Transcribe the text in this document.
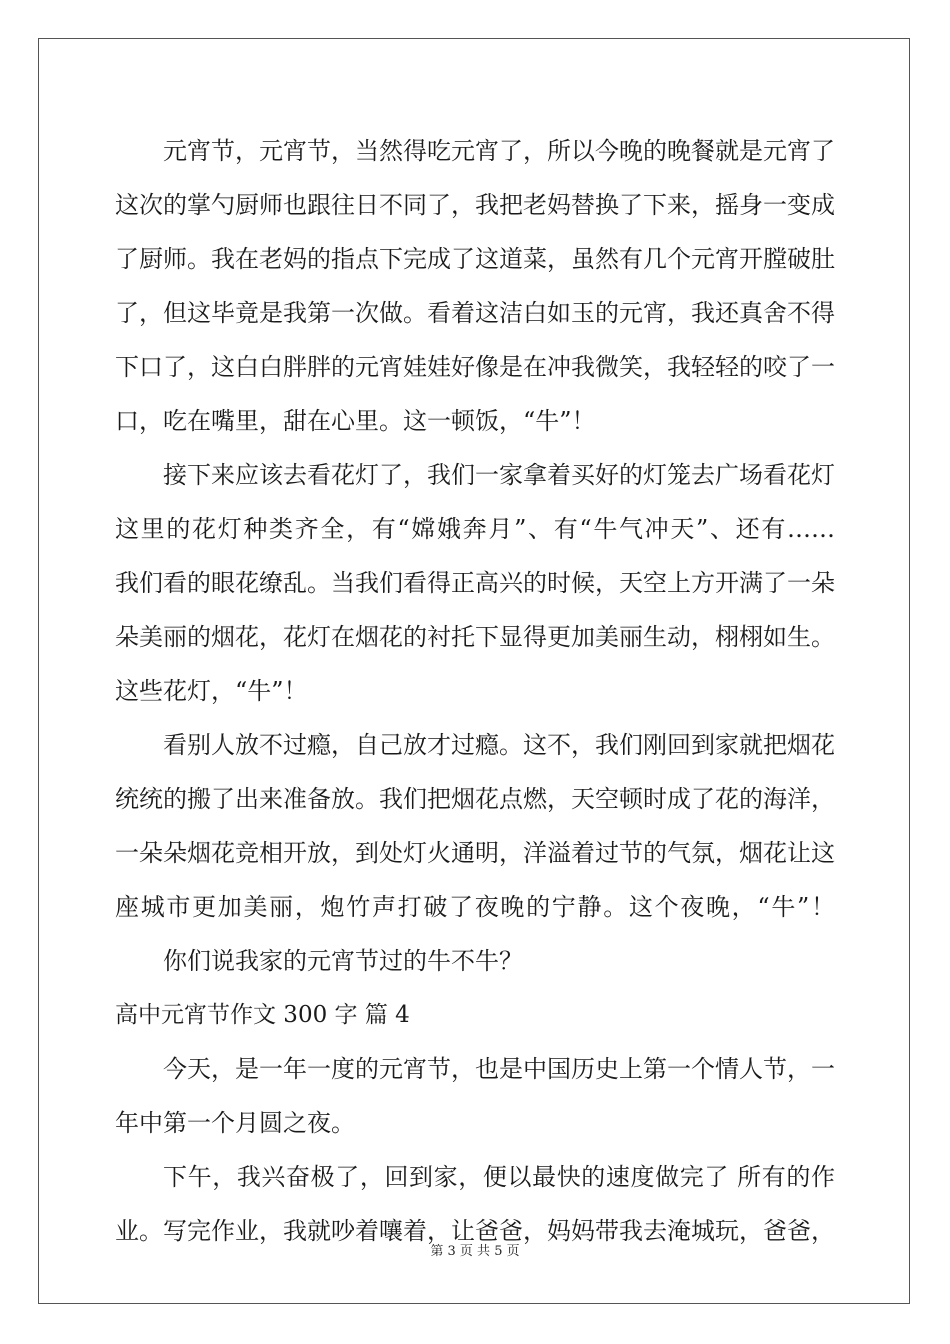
元宵节，元宵节，当然得吃元宵了，所以今晚的晚餐就是元宵了
这次的掌勺厨师也跟往日不同了，我把老妈替换了下来，摇身一变成
了厨师。我在老妈的指点下完成了这道菜，虽然有几个元宵开膛破肚
了，但这毕竟是我第一次做。看着这洁白如玉的元宵，我还真舍不得
下口了，这白白胖胖的元宵娃娃好像是在冲我微笑，我轻轻的咬了一
口，吃在嘴里，甜在心里。这一顿饭，“牛”！
接下来应该去看花灯了，我们一家拿着买好的灯笼去广场看花灯
这里的花灯种类齐全，有“嫦娥奔月”、有“牛气冲天”、还有……
我们看的眼花缭乱。当我们看得正高兴的时候，天空上方开满了一朵
朵美丽的烟花，花灯在烟花的衬托下显得更加美丽生动，栩栩如生。
这些花灯，“牛”！
看别人放不过瘾，自己放才过瘾。这不，我们刚回到家就把烟花
统统的搬了出来准备放。我们把烟花点燃，天空顿时成了花的海洋，
一朵朵烟花竞相开放，到处灯火通明，洋溢着过节的气氛，烟花让这
座城市更加美丽，炮竹声打破了夜晚的宁静。这个夜晚，“牛”！
你们说我家的元宵节过的牛不牛？
高中元宵节作文 300 字 篇 4
今天，是一年一度的元宵节，也是中国历史上第一个情人节，一
年中第一个月圆之夜。
下午，我兴奋极了，回到家，便以最快的速度做完了 所有的作
业。写完作业，我就吵着嚷着，让爸爸，妈妈带我去淹城玩，爸爸，
第 3 页 共 5 页
